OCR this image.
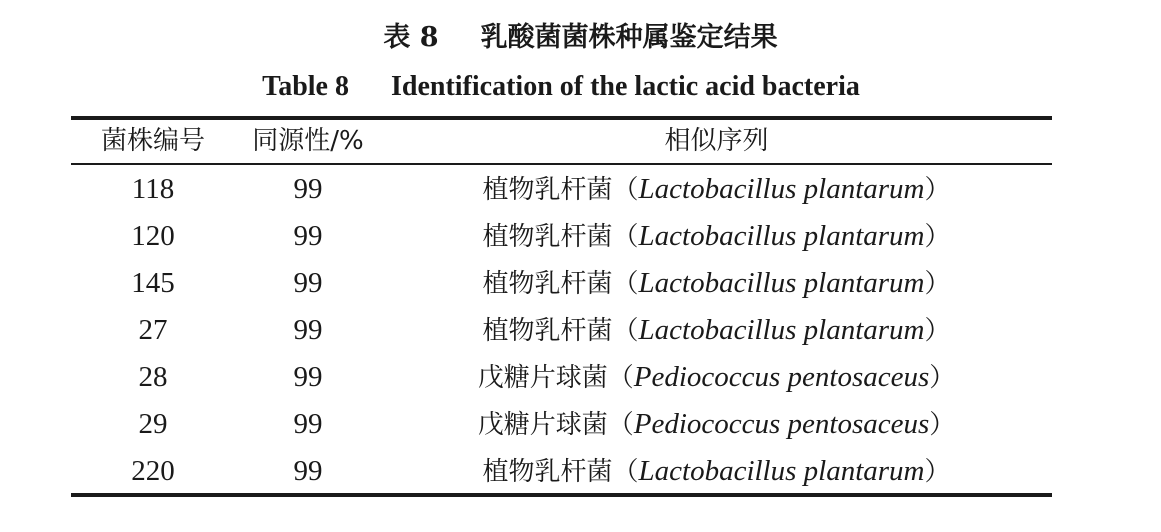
表 8 乳酸菌菌株种属鉴定结果
Table 8 Identification of the lactic acid bacteria
菌株编号	同源性/%	相似序列
118	99	植物乳杆菌（Lactobacillus plantarum）
120	99	植物乳杆菌（Lactobacillus plantarum）
145	99	植物乳杆菌（Lactobacillus plantarum）
27	99	植物乳杆菌（Lactobacillus plantarum）
28	99	戊糖片球菌（Pediococcus pentosaceus）
29	99	戊糖片球菌（Pediococcus pentosaceus）
220	99	植物乳杆菌（Lactobacillus plantarum）
